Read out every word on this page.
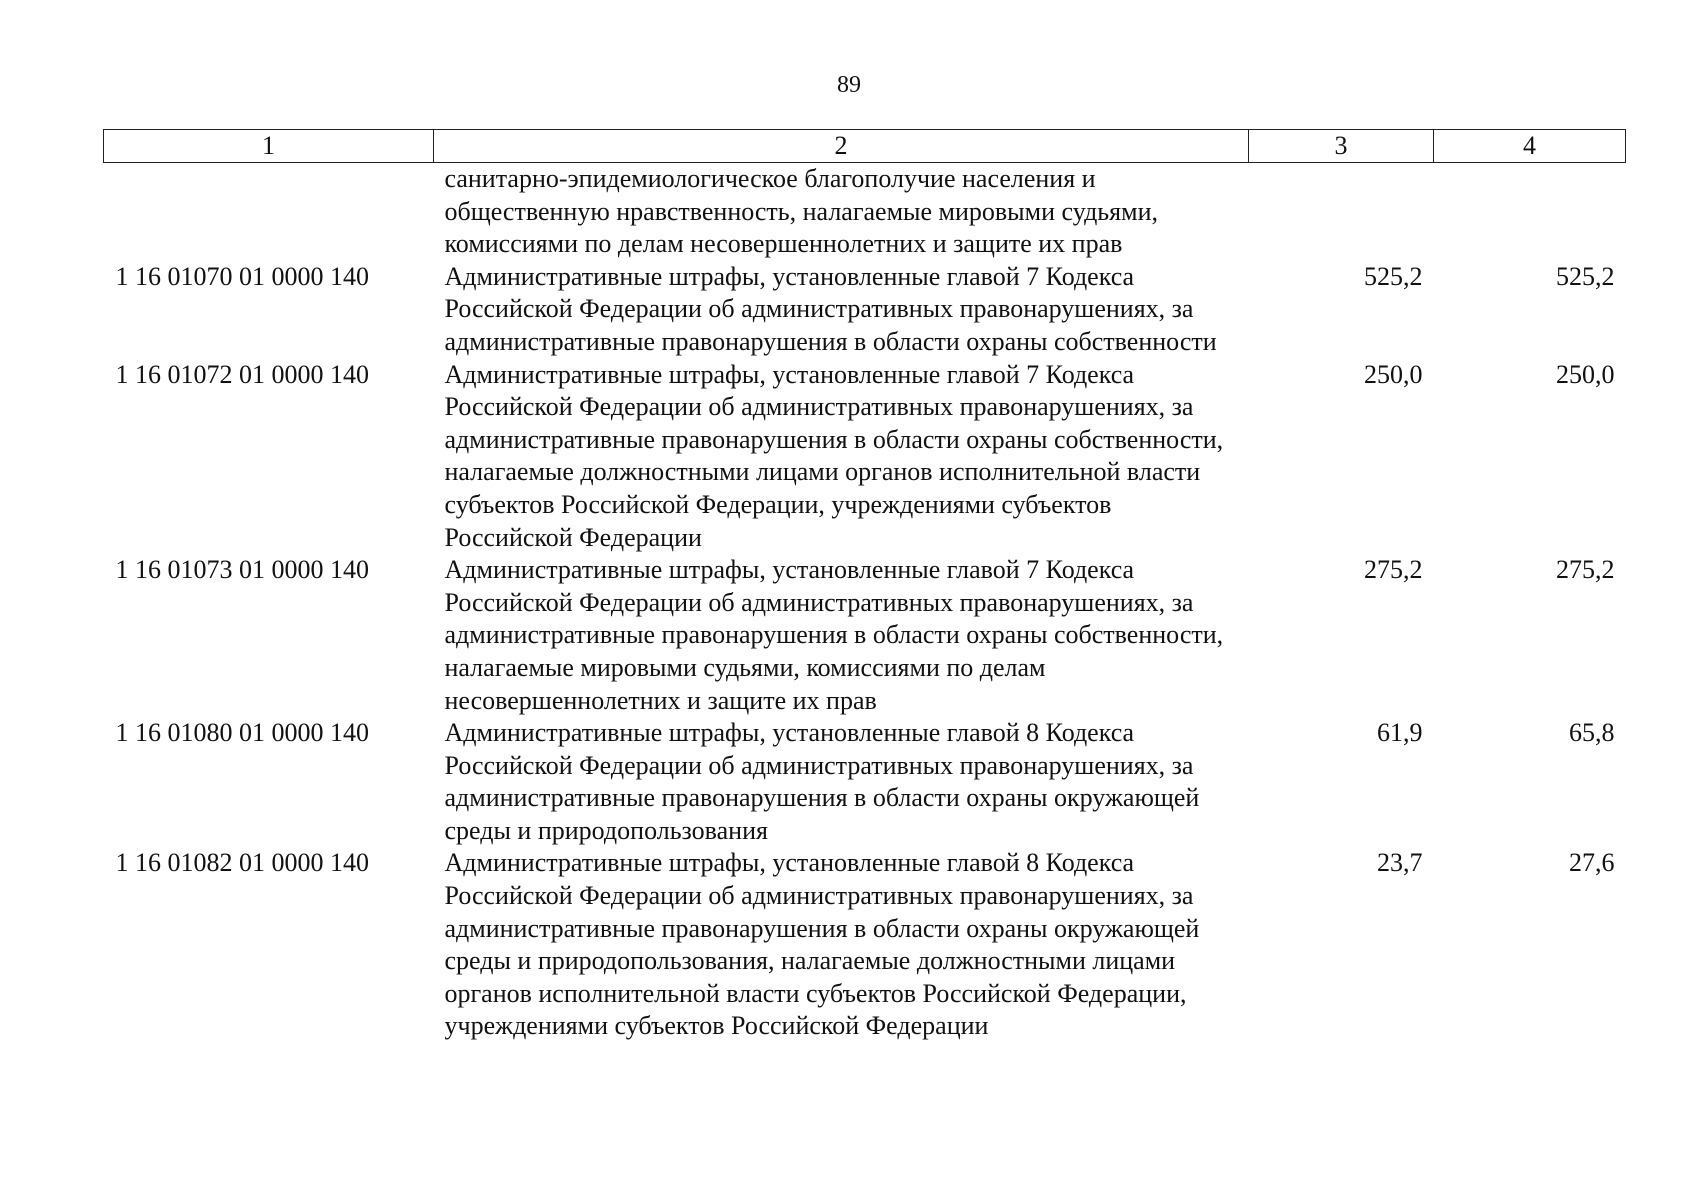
89
1	2	3	4
	санитарно-эпидемиологическое благополучие населения и общественную нравственность, налагаемые мировыми судьями, комиссиями по делам несовершеннолетних и защите их прав		
1 16 01070 01 0000 140	Административные штрафы, установленные главой 7 Кодекса Российской Федерации об административных правонарушениях, за административные правонарушения в области охраны собственности	525,2	525,2
1 16 01072 01 0000 140	Административные штрафы, установленные главой 7 Кодекса Российской Федерации об административных правонарушениях, за административные правонарушения в области охраны собственности, налагаемые должностными лицами органов исполнительной власти субъектов Российской Федерации, учреждениями субъектов Российской Федерации	250,0	250,0
1 16 01073 01 0000 140	Административные штрафы, установленные главой 7 Кодекса Российской Федерации об административных правонарушениях, за административные правонарушения в области охраны собственности, налагаемые мировыми судьями, комиссиями по делам несовершеннолетних и защите их прав	275,2	275,2
1 16 01080 01 0000 140	Административные штрафы, установленные главой 8 Кодекса Российской Федерации об административных правонарушениях, за административные правонарушения в области охраны окружающей среды и природопользования	61,9	65,8
1 16 01082 01 0000 140	Административные штрафы, установленные главой 8 Кодекса Российской Федерации об административных правонарушениях, за административные правонарушения в области охраны окружающей среды и природопользования, налагаемые должностными лицами органов исполнительной власти субъектов Российской Федерации, учреждениями субъектов Российской Федерации	23,7	27,6
